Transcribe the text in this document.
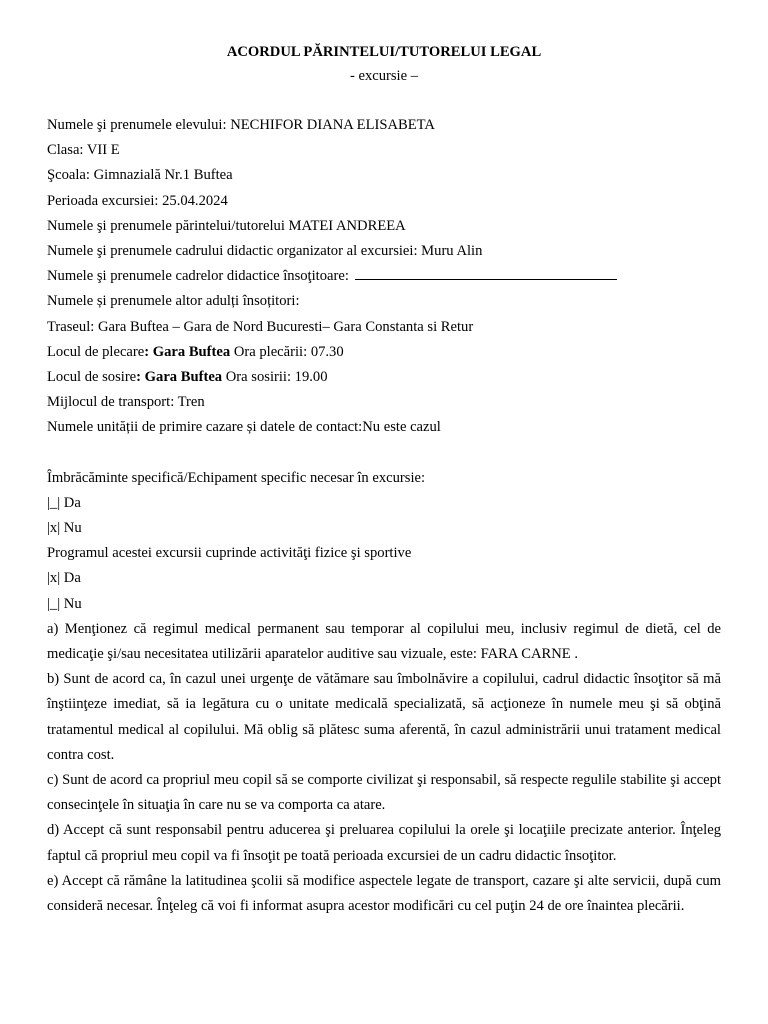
ACORDUL PĂRINTELUI/TUTORELUI LEGAL

- excursie –

Numele şi prenumele elevului: NECHIFOR DIANA ELISABETA

Clasa: VII E

Şcoala: Gimnazială Nr.1 Buftea

Perioada excursiei: 25.04.2024

Numele şi prenumele părintelui/tutorelui MATEI ANDREEA

Numele şi prenumele cadrului didactic organizator al excursiei: Muru Alin

Numele şi prenumele cadrelor didactice însoţitoare:

Numele și prenumele altor adulți însoțitori:

Traseul: Gara Buftea – Gara de Nord Bucuresti– Gara Constanta si Retur

Locul de plecare: Gara Buftea Ora plecării: 07.30

Locul de sosire: Gara Buftea Ora sosirii: 19.00

Mijlocul de transport: Tren

Numele unității de primire cazare și datele de contact:Nu este cazul

Îmbrăcăminte specifică/Echipament specific necesar în excursie:

|_| Da

|x| Nu

Programul acestei excursii cuprinde activităţi fizice şi sportive

|x| Da

|_| Nu

a) Menţionez că regimul medical permanent sau temporar al copilului meu, inclusiv regimul de dietă, cel de medicaţie şi/sau necesitatea utilizării aparatelor auditive sau vizuale, este: FARA CARNE .

b) Sunt de acord ca, în cazul unei urgenţe de vătămare sau îmbolnăvire a copilului, cadrul didactic însoţitor să mă înştiinţeze imediat, să ia legătura cu o unitate medicală specializată, să acţioneze în numele meu şi să obţină tratamentul medical al copilului. Mă oblig să plătesc suma aferentă, în cazul administrării unui tratament medical contra cost.

c) Sunt de acord ca propriul meu copil să se comporte civilizat şi responsabil, să respecte regulile stabilite şi accept consecinţele în situaţia în care nu se va comporta ca atare.

d) Accept că sunt responsabil pentru aducerea şi preluarea copilului la orele şi locaţiile precizate anterior. Înţeleg faptul că propriul meu copil va fi însoţit pe toată perioada excursiei de un cadru didactic însoţitor.

e) Accept că rămâne la latitudinea şcolii să modifice aspectele legate de transport, cazare şi alte servicii, după cum consideră necesar. Înţeleg că voi fi informat asupra acestor modificări cu cel puţin 24 de ore înaintea plecării.
